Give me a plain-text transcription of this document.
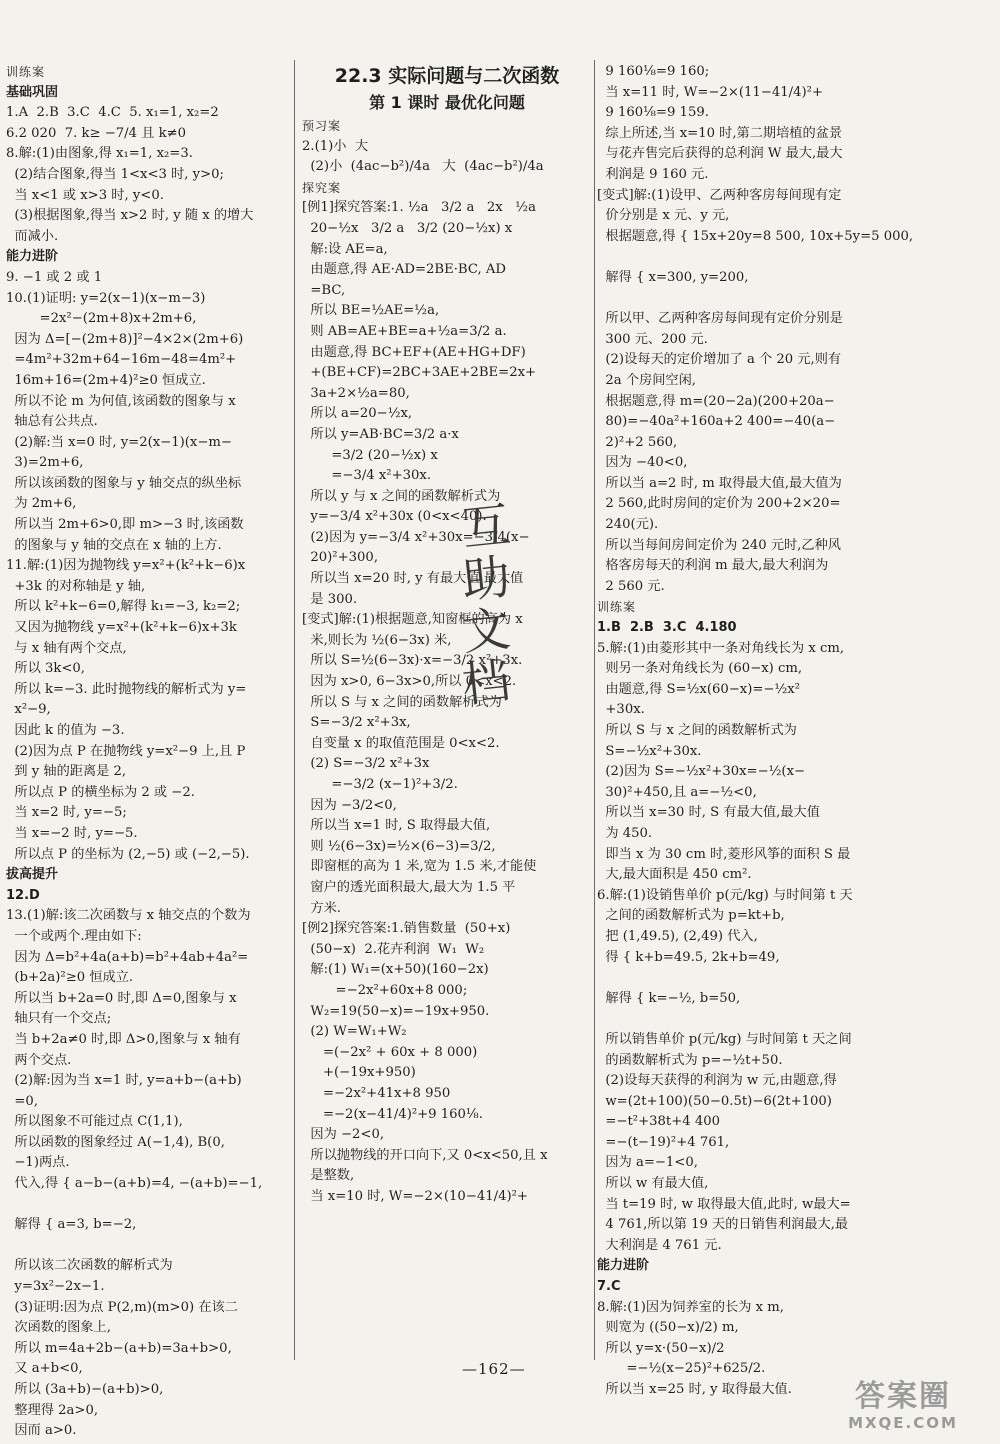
训练案
基础巩固
1.A  2.B  3.C  4.C  5. x₁=1, x₂=2
6.2 020  7. k≥ −7/4 且 k≠0
8.解:(1)由图象,得 x₁=1, x₂=3.
(2)结合图象,得当 1<x<3 时, y>0;
当 x<1 或 x>3 时, y<0.
(3)根据图象,得当 x>2 时, y 随 x 的增大
而减小.
能力进阶
9. −1 或 2 或 1
10.(1)证明: y=2(x−1)(x−m−3)
=2x²−(2m+8)x+2m+6,
因为 Δ=[−(2m+8)]²−4×2×(2m+6)
=4m²+32m+64−16m−48=4m²+
16m+16=(2m+4)²≥0 恒成立.
所以不论 m 为何值,该函数的图象与 x
轴总有公共点.
(2)解:当 x=0 时, y=2(x−1)(x−m−
3)=2m+6,
所以该函数的图象与 y 轴交点的纵坐标
为 2m+6,
所以当 2m+6>0,即 m>−3 时,该函数
的图象与 y 轴的交点在 x 轴的上方.
11.解:(1)因为抛物线 y=x²+(k²+k−6)x
+3k 的对称轴是 y 轴,
所以 k²+k−6=0,解得 k₁=−3, k₂=2;
又因为抛物线 y=x²+(k²+k−6)x+3k
与 x 轴有两个交点,
所以 3k<0,
所以 k=−3. 此时抛物线的解析式为 y=
x²−9,
因此 k 的值为 −3.
(2)因为点 P 在抛物线 y=x²−9 上,且 P
到 y 轴的距离是 2,
所以点 P 的横坐标为 2 或 −2.
当 x=2 时, y=−5;
当 x=−2 时, y=−5.
所以点 P 的坐标为 (2,−5) 或 (−2,−5).
拔高提升
12.D
13.(1)解:该二次函数与 x 轴交点的个数为
一个或两个.理由如下:
因为 Δ=b²+4a(a+b)=b²+4ab+4a²=
(b+2a)²≥0 恒成立.
所以当 b+2a=0 时,即 Δ=0,图象与 x
轴只有一个交点;
当 b+2a≠0 时,即 Δ>0,图象与 x 轴有
两个交点.
(2)解:因为当 x=1 时, y=a+b−(a+b)
=0,
所以图象不可能过点 C(1,1),
所以函数的图象经过 A(−1,4), B(0,
−1)两点.
代入,得 { a−b−(a+b)=4, −(a+b)=−1,

解得 { a=3, b=−2,

所以该二次函数的解析式为
y=3x²−2x−1.
(3)证明:因为点 P(2,m)(m>0) 在该二
次函数的图象上,
所以 m=4a+2b−(a+b)=3a+b>0,
又 a+b<0,
所以 (3a+b)−(a+b)>0,
整理得 2a>0,
因而 a>0.
22.3 实际问题与二次函数
第 1 课时 最优化问题
预习案
2.(1)小  大
(2)小  (4ac−b²)/4a   大  (4ac−b²)/4a
探究案
[例1]探究答案:1. ½a   3/2 a   2x   ½a
20−½x   3/2 a   3/2 (20−½x) x
解:设 AE=a,
由题意,得 AE·AD=2BE·BC, AD
=BC,
所以 BE=½AE=½a,
则 AB=AE+BE=a+½a=3/2 a.
由题意,得 BC+EF+(AE+HG+DF)
+(BE+CF)=2BC+3AE+2BE=2x+
3a+2×½a=80,
所以 a=20−½x,
所以 y=AB·BC=3/2 a·x
=3/2 (20−½x) x
=−3/4 x²+30x.
所以 y 与 x 之间的函数解析式为
y=−3/4 x²+30x (0<x<40).
(2)因为 y=−3/4 x²+30x=−3/4(x−
20)²+300,
所以当 x=20 时, y 有最大值,最大值
是 300.
[变式]解:(1)根据题意,知窗框的高为 x
米,则长为 ½(6−3x) 米,
所以 S=½(6−3x)·x=−3/2 x²+3x.
因为 x>0, 6−3x>0,所以 0<x<2.
所以 S 与 x 之间的函数解析式为
S=−3/2 x²+3x,
自变量 x 的取值范围是 0<x<2.
(2) S=−3/2 x²+3x
=−3/2 (x−1)²+3/2.
因为 −3/2<0,
所以当 x=1 时, S 取得最大值,
则 ½(6−3x)=½×(6−3)=3/2,
即窗框的高为 1 米,宽为 1.5 米,才能使
窗户的透光面积最大,最大为 1.5 平
方米.
[例2]探究答案:1.销售数量  (50+x)
(50−x)  2.花卉利润  W₁  W₂
解:(1) W₁=(x+50)(160−2x)
=−2x²+60x+8 000;
W₂=19(50−x)=−19x+950.
(2) W=W₁+W₂
=(−2x² + 60x + 8 000)
+(−19x+950)
=−2x²+41x+8 950
=−2(x−41/4)²+9 160⅛.
因为 −2<0,
所以抛物线的开口向下,又 0<x<50,且 x
是整数,
当 x=10 时, W=−2×(10−41/4)²+
9 160⅛=9 160;
当 x=11 时, W=−2×(11−41/4)²+
9 160⅛=9 159.
综上所述,当 x=10 时,第二期培植的盆景
与花卉售完后获得的总利润 W 最大,最大
利润是 9 160 元.
[变式]解:(1)设甲、乙两种客房每间现有定
价分别是 x 元、y 元,
根据题意,得 { 15x+20y=8 500, 10x+5y=5 000,

解得 { x=300, y=200,

所以甲、乙两种客房每间现有定价分别是
300 元、200 元.
(2)设每天的定价增加了 a 个 20 元,则有
2a 个房间空闲,
根据题意,得 m=(20−2a)(200+20a−
80)=−40a²+160a+2 400=−40(a−
2)²+2 560,
因为 −40<0,
所以当 a=2 时, m 取得最大值,最大值为
2 560,此时房间的定价为 200+2×20=
240(元).
所以当每间房间定价为 240 元时,乙种风
格客房每天的利润 m 最大,最大利润为
2 560 元.
训练案
1.B  2.B  3.C  4.180
5.解:(1)由菱形其中一条对角线长为 x cm,
则另一条对角线长为 (60−x) cm,
由题意,得 S=½x(60−x)=−½x²
+30x.
所以 S 与 x 之间的函数解析式为
S=−½x²+30x.
(2)因为 S=−½x²+30x=−½(x−
30)²+450,且 a=−½<0,
所以当 x=30 时, S 有最大值,最大值
为 450.
即当 x 为 30 cm 时,菱形风筝的面积 S 最
大,最大面积是 450 cm².
6.解:(1)设销售单价 p(元/kg) 与时间第 t 天
之间的函数解析式为 p=kt+b,
把 (1,49.5), (2,49) 代入,
得 { k+b=49.5, 2k+b=49,

解得 { k=−½, b=50,

所以销售单价 p(元/kg) 与时间第 t 天之间
的函数解析式为 p=−½t+50.
(2)设每天获得的利润为 w 元,由题意,得
w=(2t+100)(50−0.5t)−6(2t+100)
=−t²+38t+4 400
=−(t−19)²+4 761,
因为 a=−1<0,
所以 w 有最大值,
当 t=19 时, w 取得最大值,此时, w最大=
4 761,所以第 19 天的日销售利润最大,最
大利润是 4 761 元.
能力进阶
7.C
8.解:(1)因为饲养室的长为 x m,
则宽为 ((50−x)/2) m,
所以 y=x·(50−x)/2
=−½(x−25)²+625/2.
所以当 x=25 时, y 取得最大值.
互
助
文
档
—162—
答案圈
MXQE.COM
